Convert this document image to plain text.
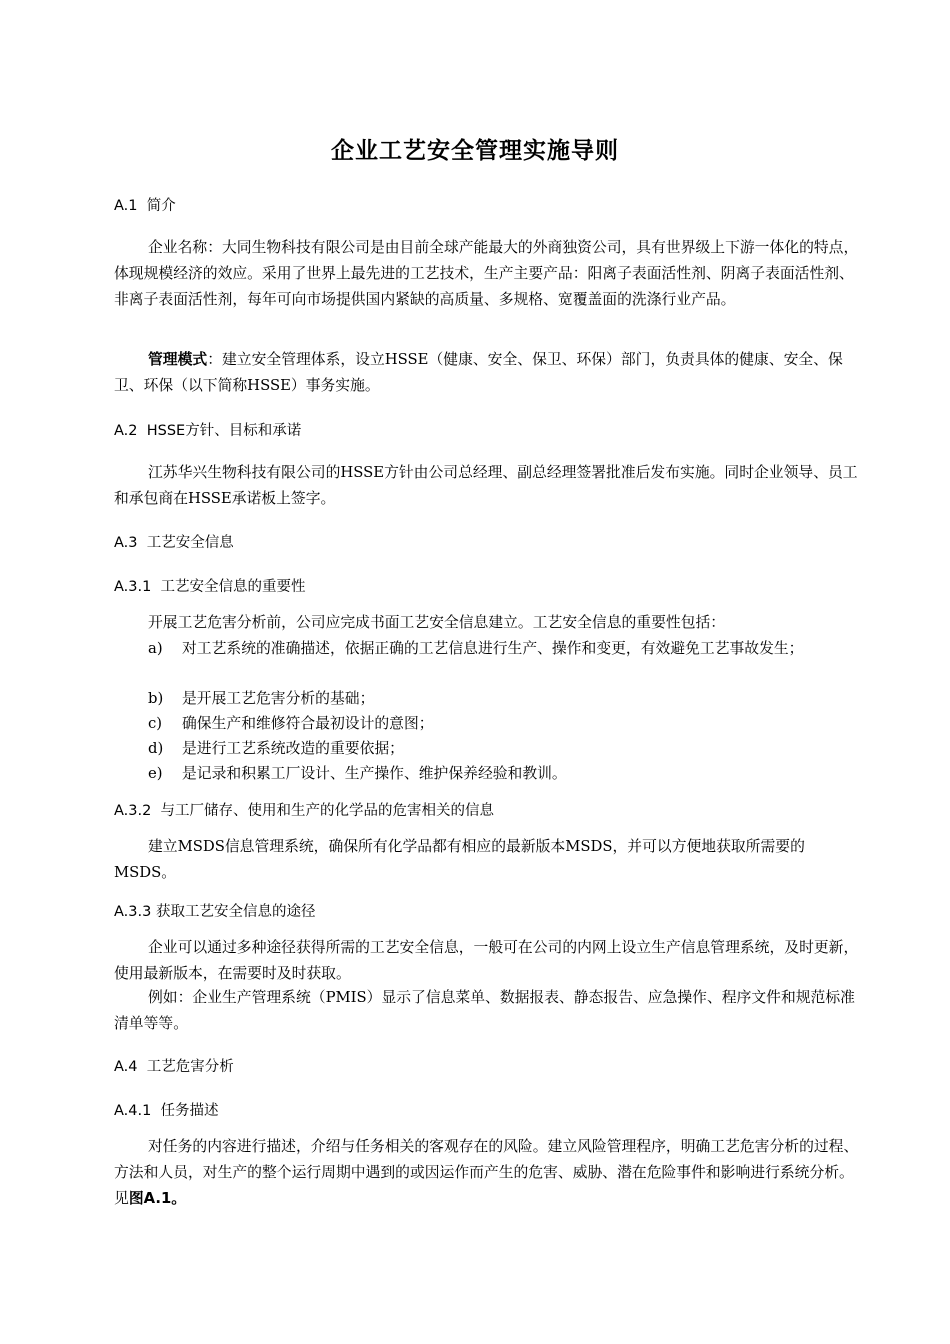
企业工艺安全管理实施导则
A.1  简介
企业名称：大同生物科技有限公司是由目前全球产能最大的外商独资公司，具有世界级上下游一体化的特点，体现规模经济的效应。采用了世界上最先进的工艺技术，生产主要产品：阳离子表面活性剂、阴离子表面活性剂、非离子表面活性剂，每年可向市场提供国内紧缺的高质量、多规格、宽覆盖面的洗涤行业产品。
管理模式：建立安全管理体系，设立HSSE（健康、安全、保卫、环保）部门，负责具体的健康、安全、保卫、环保（以下简称HSSE）事务实施。
A.2  HSSE方针、目标和承诺
江苏华兴生物科技有限公司的HSSE方针由公司总经理、副总经理签署批准后发布实施。同时企业领导、员工和承包商在HSSE承诺板上签字。
A.3  工艺安全信息
A.3.1  工艺安全信息的重要性
开展工艺危害分析前，公司应完成书面工艺安全信息建立。工艺安全信息的重要性包括：
a) 对工艺系统的准确描述，依据正确的工艺信息进行生产、操作和变更，有效避免工艺事故发生；
b) 是开展工艺危害分析的基础；
c) 确保生产和维修符合最初设计的意图；
d) 是进行工艺系统改造的重要依据；
e) 是记录和积累工厂设计、生产操作、维护保养经验和教训。
A.3.2  与工厂储存、使用和生产的化学品的危害相关的信息
建立MSDS信息管理系统，确保所有化学品都有相应的最新版本MSDS，并可以方便地获取所需要的MSDS。
A.3.3 获取工艺安全信息的途径
企业可以通过多种途径获得所需的工艺安全信息，一般可在公司的内网上设立生产信息管理系统，及时更新，使用最新版本，在需要时及时获取。
例如：企业生产管理系统（PMIS）显示了信息菜单、数据报表、静态报告、应急操作、程序文件和规范标准清单等等。
A.4  工艺危害分析
A.4.1  任务描述
对任务的内容进行描述，介绍与任务相关的客观存在的风险。建立风险管理程序，明确工艺危害分析的过程、方法和人员，对生产的整个运行周期中遇到的或因运作而产生的危害、威胁、潜在危险事件和影响进行系统分析。见图A.1。
